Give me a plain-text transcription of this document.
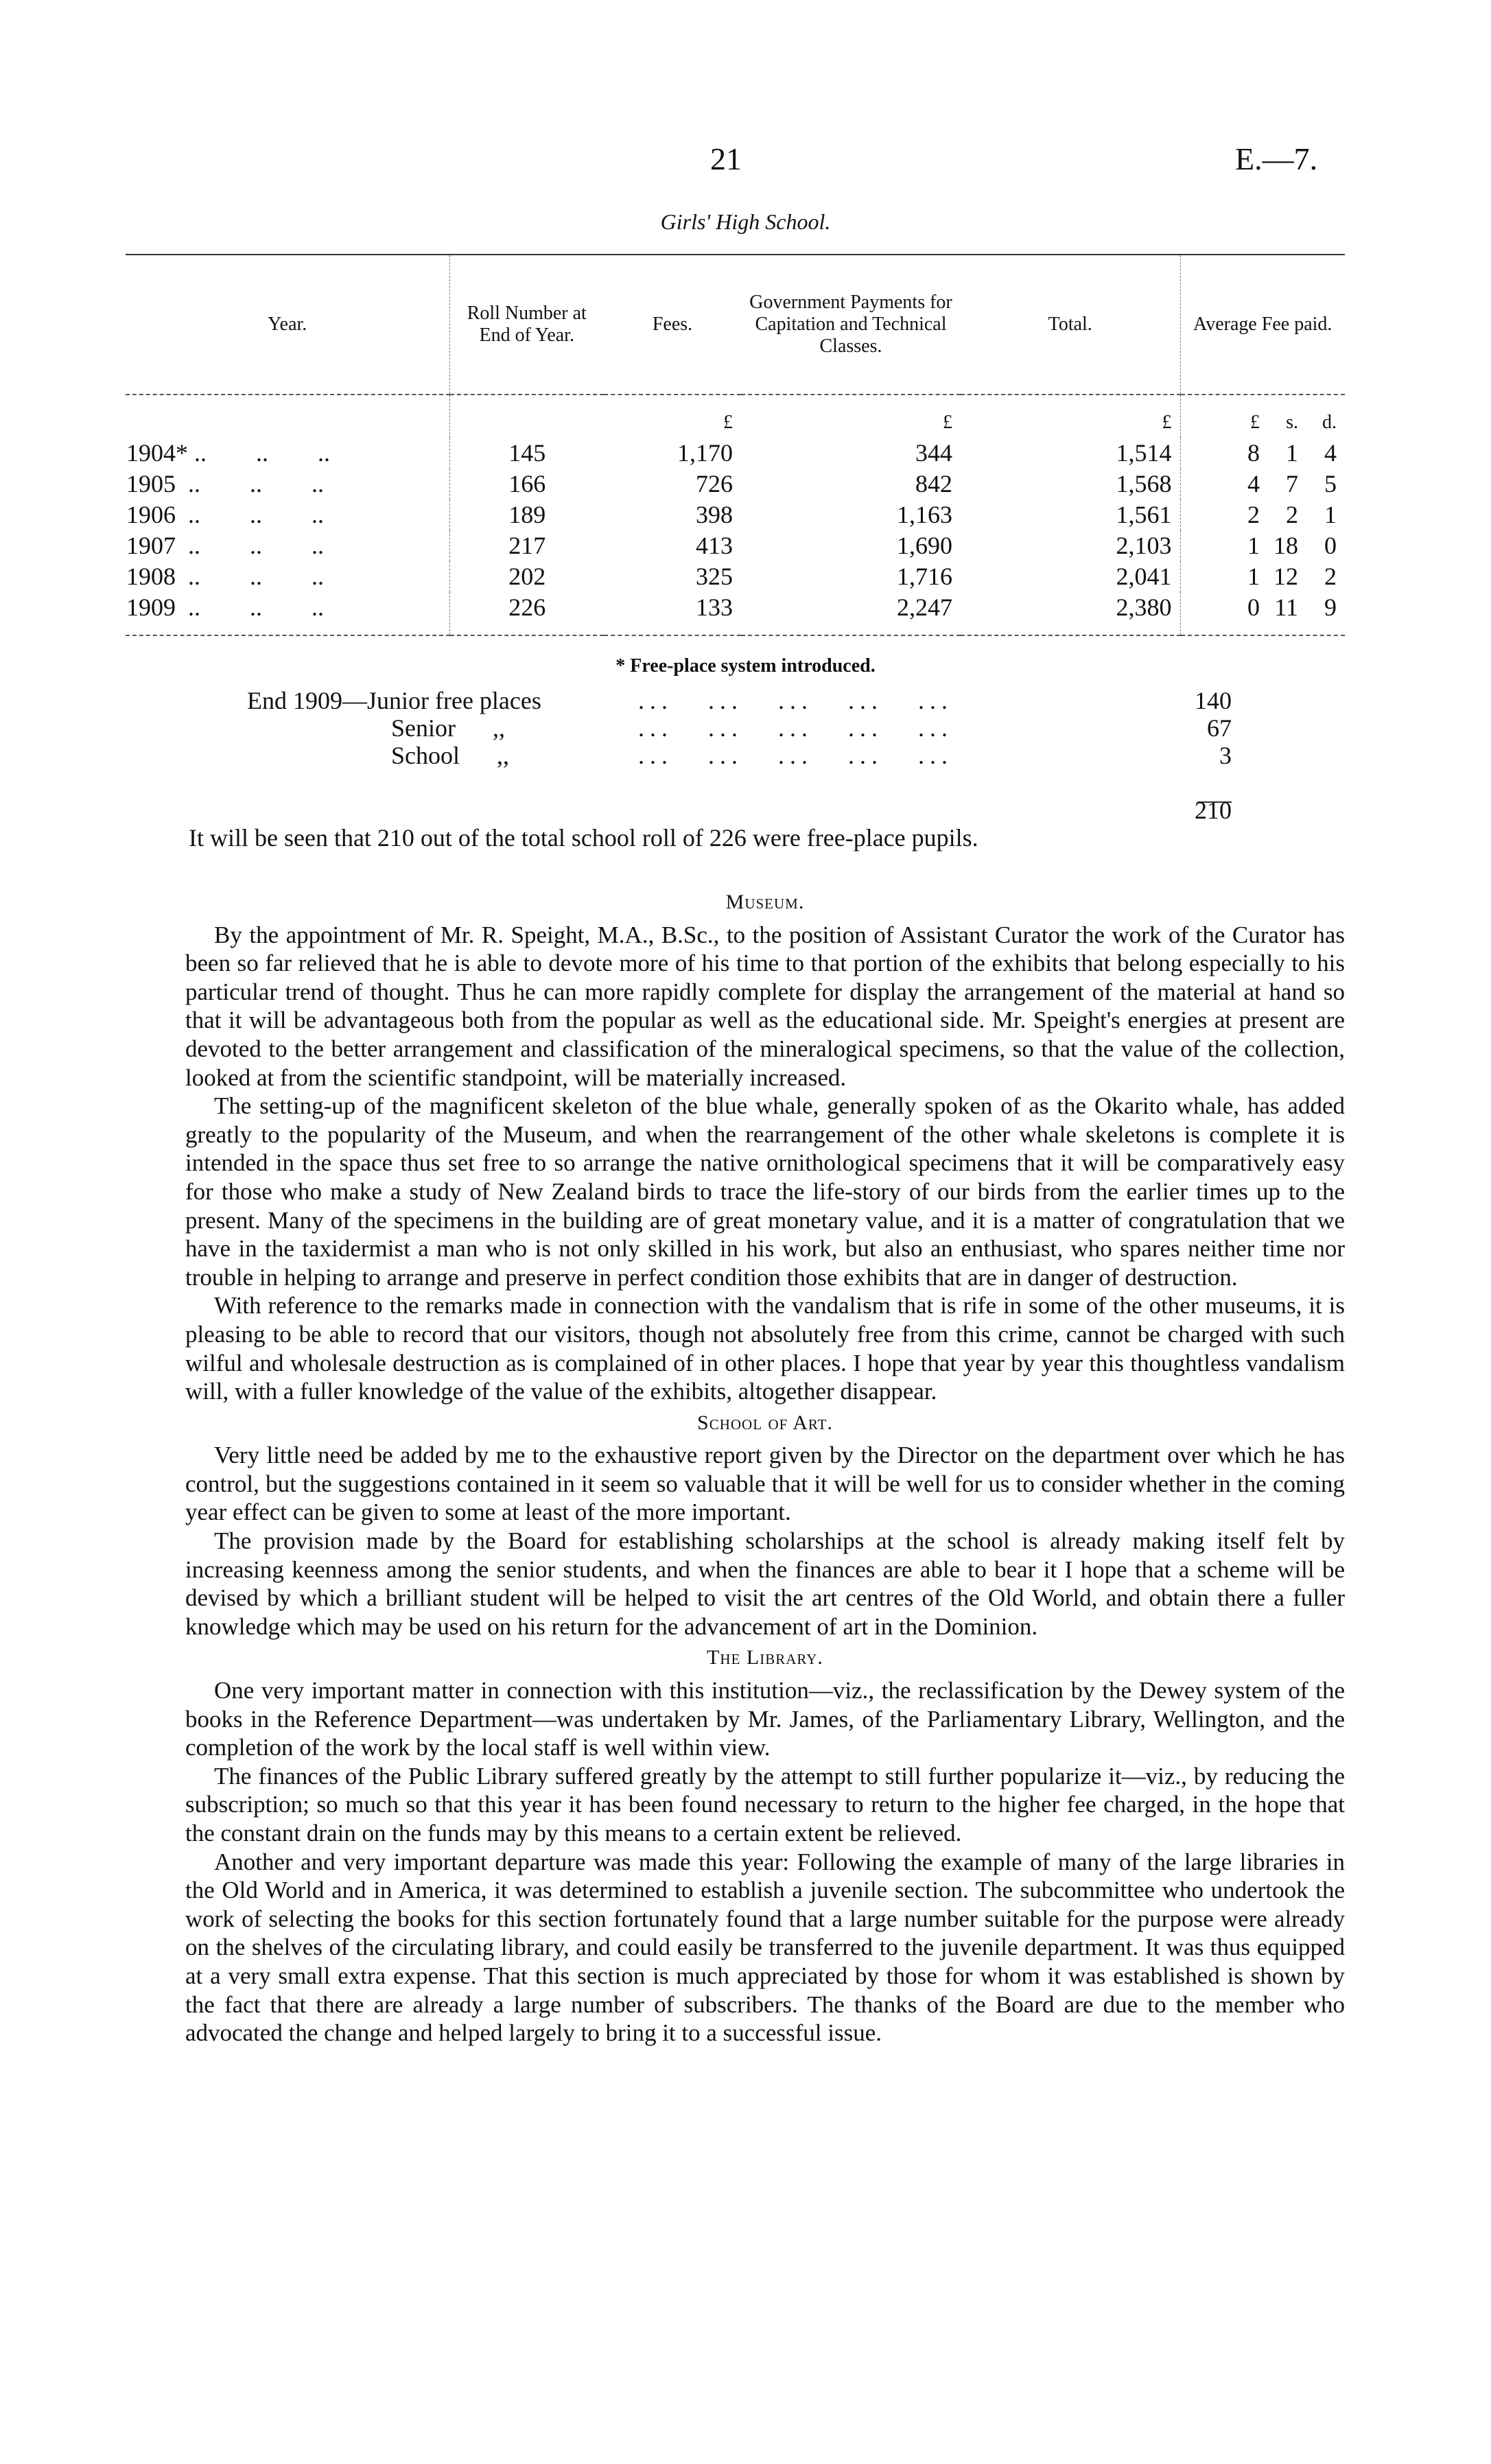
21	E.—7.
Girls' High School.
Year.	Roll Number at End of Year.	Fees.	Government Payments for Capitation and Technical Classes.	Total.	Average Fee paid.
		£	£	£	£ s. d.
1904* ..        ..        ..	145	1,170	344	1,514	8 1 4
1905  ..        ..        ..	166	726	842	1,568	4 7 5
1906  ..        ..        ..	189	398	1,163	1,561	2 2 1
1907  ..        ..        ..	217	413	1,690	2,103	1 18 0
1908  ..        ..        ..	202	325	1,716	2,041	1 12 2
1909  ..        ..        ..	226	133	2,247	2,380	0 11 9
* Free-place system introduced.
End 1909—Junior free places	...   ...   ...   ...   ...	140
Senior      ,,	...   ...   ...   ...   ...	67
School      ,,	...   ...   ...   ...   ...	3
210
It will be seen that 210 out of the total school roll of 226 were free-place pupils.
Museum.

By the appointment of Mr. R. Speight, M.A., B.Sc., to the position of Assistant Curator the work of the Curator has been so far relieved that he is able to devote more of his time to that portion of the exhibits that belong especially to his particular trend of thought. Thus he can more rapidly complete for display the arrangement of the material at hand so that it will be advantageous both from the popular as well as the educational side. Mr. Speight's energies at present are devoted to the better arrangement and classification of the mineralogical specimens, so that the value of the collection, looked at from the scientific standpoint, will be materially increased.

The setting-up of the magnificent skeleton of the blue whale, generally spoken of as the Okarito whale, has added greatly to the popularity of the Museum, and when the rearrangement of the other whale skeletons is complete it is intended in the space thus set free to so arrange the native ornithological specimens that it will be comparatively easy for those who make a study of New Zealand birds to trace the life-story of our birds from the earlier times up to the present. Many of the specimens in the building are of great monetary value, and it is a matter of congratulation that we have in the taxidermist a man who is not only skilled in his work, but also an enthusiast, who spares neither time nor trouble in helping to arrange and preserve in perfect condition those exhibits that are in danger of destruction.

With reference to the remarks made in connection with the vandalism that is rife in some of the other museums, it is pleasing to be able to record that our visitors, though not absolutely free from this crime, cannot be charged with such wilful and wholesale destruction as is complained of in other places. I hope that year by year this thoughtless vandalism will, with a fuller knowledge of the value of the exhibits, altogether disappear.

School of Art.

Very little need be added by me to the exhaustive report given by the Director on the department over which he has control, but the suggestions contained in it seem so valuable that it will be well for us to consider whether in the coming year effect can be given to some at least of the more important.

The provision made by the Board for establishing scholarships at the school is already making itself felt by increasing keenness among the senior students, and when the finances are able to bear it I hope that a scheme will be devised by which a brilliant student will be helped to visit the art centres of the Old World, and obtain there a fuller knowledge which may be used on his return for the advancement of art in the Dominion.

The Library.

One very important matter in connection with this institution—viz., the reclassification by the Dewey system of the books in the Reference Department—was undertaken by Mr. James, of the Parliamentary Library, Wellington, and the completion of the work by the local staff is well within view.

The finances of the Public Library suffered greatly by the attempt to still further popularize it—viz., by reducing the subscription; so much so that this year it has been found necessary to return to the higher fee charged, in the hope that the constant drain on the funds may by this means to a certain extent be relieved.

Another and very important departure was made this year: Following the example of many of the large libraries in the Old World and in America, it was determined to establish a juvenile section. The subcommittee who undertook the work of selecting the books for this section fortunately found that a large number suitable for the purpose were already on the shelves of the circulating library, and could easily be transferred to the juvenile department. It was thus equipped at a very small extra expense. That this section is much appreciated by those for whom it was established is shown by the fact that there are already a large number of subscribers. The thanks of the Board are due to the member who advocated the change and helped largely to bring it to a successful issue.
